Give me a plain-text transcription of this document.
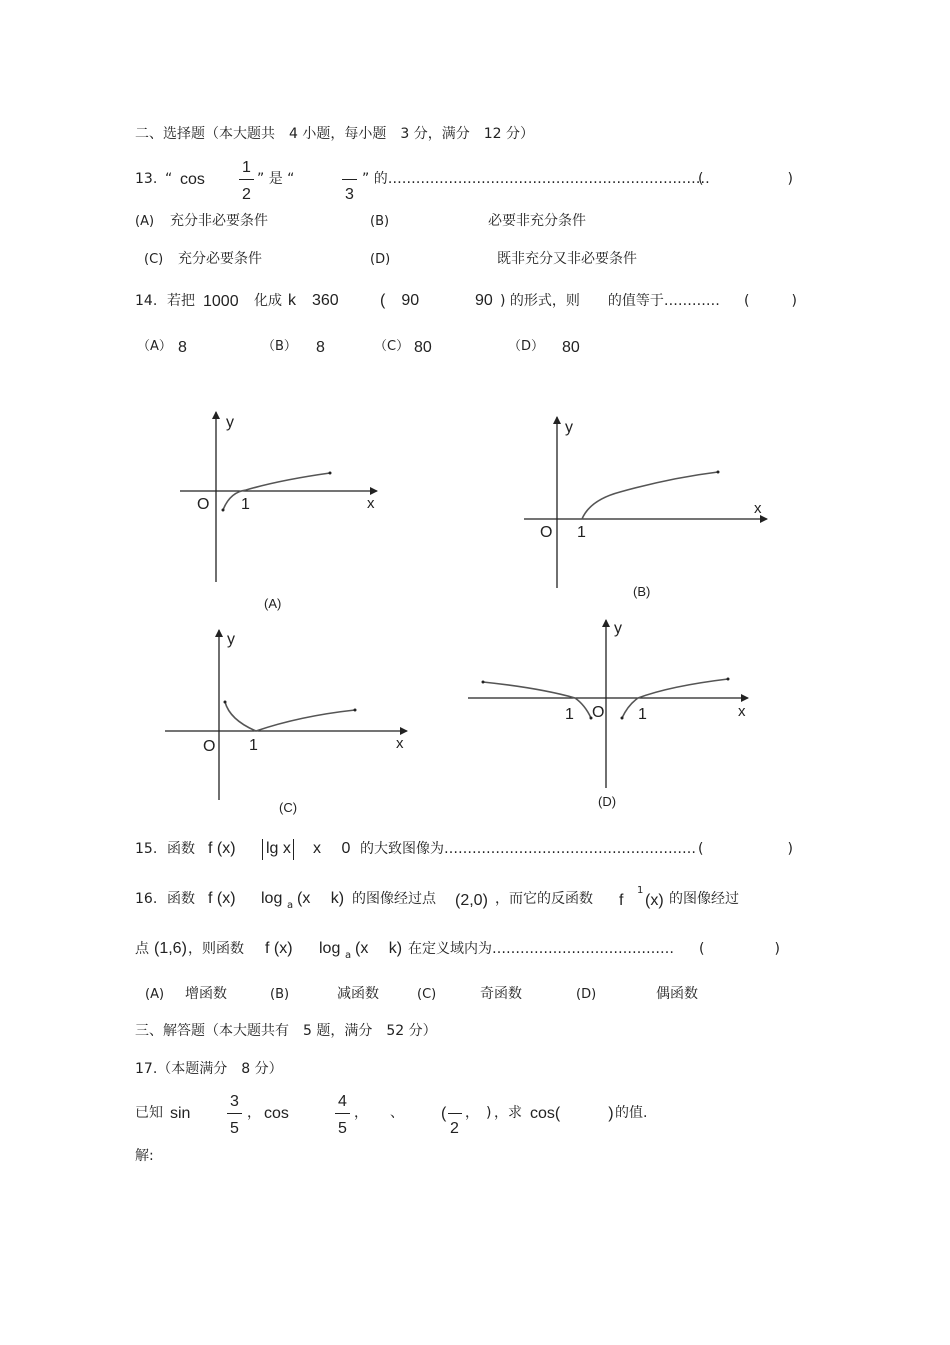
二、选择题（本大题共　4 小题，每小题　3 分，满分　12 分）
13. “ cos
1
2
” 是 “
3
” 的……………………………………………………………
(　　　　　　)
(A) 充分非必要条件	(B)	必要非充分条件
(C) 充分必要条件	(D)	既非充分又非必要条件
14. 若把 1000 化成 k　360	(　90	90 ) 的形式，则　　的值等于………… (　　　)
（A） 8	（B） 8	（C） 80	（D） 80
y
x
O 1
(A)
y
x
O 1
(B)
y
x
O 1
(C)
y
x
O
1	1
(D)
15. 函数 f (x) lg x x　 0 的大致图像为……………………………………………… (　　　　　　)
16. 函数 f (x) log a (x　 k) 的图像经过点 (2,0) ，而它的反函数 f
1
(x) 的图像经过
点 (1,6) ，则函数 f (x) log a (x　 k) 在定义域内为………………………………… (　　　　　)
(A) 增函数	(B)	减函数	(C)	奇函数	(D)	偶函数
三、解答题（本大题共有　5 题，满分　52 分）
17.（本题满分　8 分）
已知 sin
3
5
， cos
4
5
， 、 (
2
，　) ，求 cos(　　　) 的值.
解:
